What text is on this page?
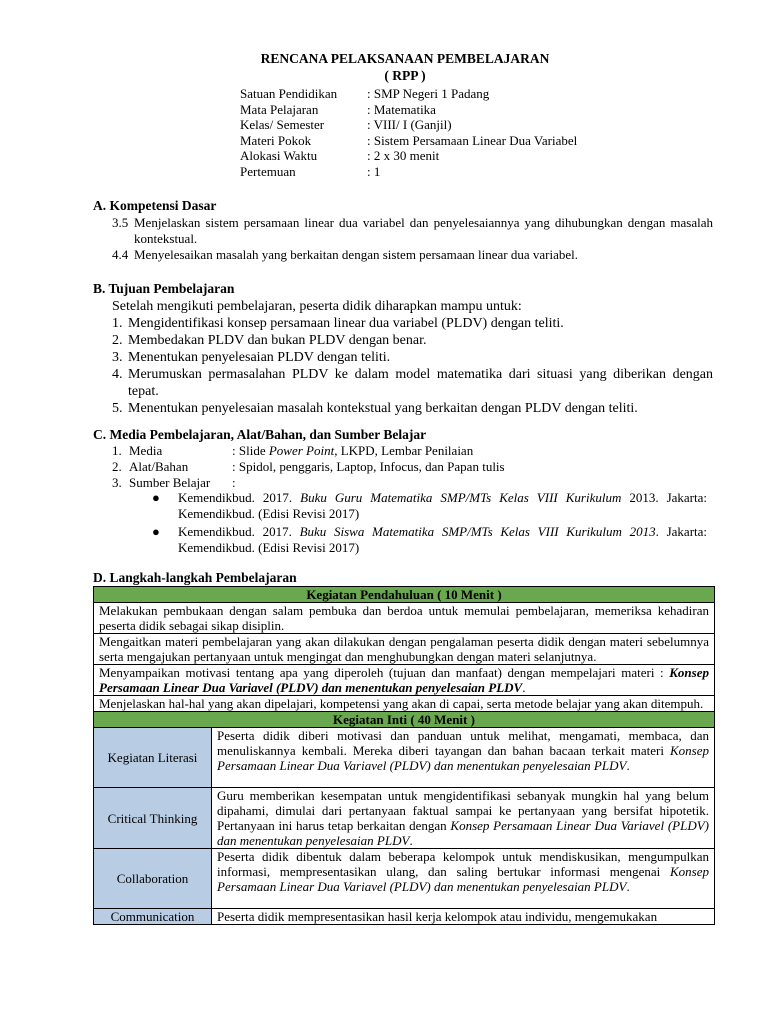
RENCANA PELAKSANAAN PEMBELAJARAN
( RPP )
Satuan Pendidikan : SMP Negeri 1 Padang
Mata Pelajaran	: Matematika
Kelas/ Semester	: VIII/ I (Ganjil)
Materi Pokok	: Sistem Persamaan Linear Dua Variabel
Alokasi Waktu	: 2 x 30 menit
Pertemuan	: 1
A. Kompetensi Dasar
3.5 Menjelaskan sistem persamaan linear dua variabel dan penyelesaiannya yang dihubungkan dengan masalah kontekstual.
4.4 Menyelesaikan masalah yang berkaitan dengan sistem persamaan linear dua variabel.
B. Tujuan Pembelajaran
Setelah mengikuti pembelajaran, peserta didik diharapkan mampu untuk:
1. Mengidentifikasi konsep persamaan linear dua variabel (PLDV) dengan teliti.
2. Membedakan PLDV dan bukan PLDV dengan benar.
3. Menentukan penyelesaian PLDV dengan teliti.
4. Merumuskan permasalahan PLDV ke dalam model matematika dari situasi yang diberikan dengan tepat.
5. Menentukan penyelesaian masalah kontekstual yang berkaitan dengan PLDV dengan teliti.
C. Media Pembelajaran, Alat/Bahan, dan Sumber Belajar
1. Media	: Slide Power Point, LKPD, Lembar Penilaian
2. Alat/Bahan	: Spidol, penggaris, Laptop, Infocus, dan Papan tulis
3. Sumber Belajar :
●	Kemendikbud. 2017. Buku Guru Matematika SMP/MTs Kelas VIII Kurikulum 2013. Jakarta: Kemendikbud. (Edisi Revisi 2017)
●	Kemendikbud. 2017. Buku Siswa Matematika SMP/MTs Kelas VIII Kurikulum 2013. Jakarta: Kemendikbud. (Edisi Revisi 2017)
D. Langkah-langkah Pembelajaran
Kegiatan Pendahuluan ( 10 Menit )	
Melakukan pembukaan dengan salam pembuka dan berdoa untuk memulai pembelajaran, memeriksa kehadiran peserta didik sebagai sikap disiplin.	
Mengaitkan materi pembelajaran yang akan dilakukan dengan pengalaman peserta didik dengan materi sebelumnya serta mengajukan pertanyaan untuk mengingat dan menghubungkan dengan materi selanjutnya.	
Menyampaikan motivasi tentang apa yang diperoleh (tujuan dan manfaat) dengan mempelajari materi : Konsep Persamaan Linear Dua Variavel (PLDV) dan menentukan penyelesaian PLDV.	
Menjelaskan hal-hal yang akan dipelajari, kompetensi yang akan di capai, serta metode belajar yang akan ditempuh.	
Kegiatan Inti ( 40 Menit )	
Kegiatan Literasi	Peserta didik diberi motivasi dan panduan untuk melihat, mengamati, membaca, dan menuliskannya kembali. Mereka diberi tayangan dan bahan bacaan terkait materi Konsep Persamaan Linear Dua Variavel (PLDV) dan menentukan penyelesaian PLDV.
Critical Thinking	Guru memberikan kesempatan untuk mengidentifikasi sebanyak mungkin hal yang belum dipahami, dimulai dari pertanyaan faktual sampai ke pertanyaan yang bersifat hipotetik. Pertanyaan ini harus tetap berkaitan dengan Konsep Persamaan Linear Dua Variavel (PLDV) dan menentukan penyelesaian PLDV.
Collaboration	Peserta didik dibentuk dalam beberapa kelompok untuk mendiskusikan, mengumpulkan informasi, mempresentasikan ulang, dan saling bertukar informasi mengenai Konsep Persamaan Linear Dua Variavel (PLDV) dan menentukan penyelesaian PLDV.
Communication	Peserta didik mempresentasikan hasil kerja kelompok atau individu, mengemukakan
